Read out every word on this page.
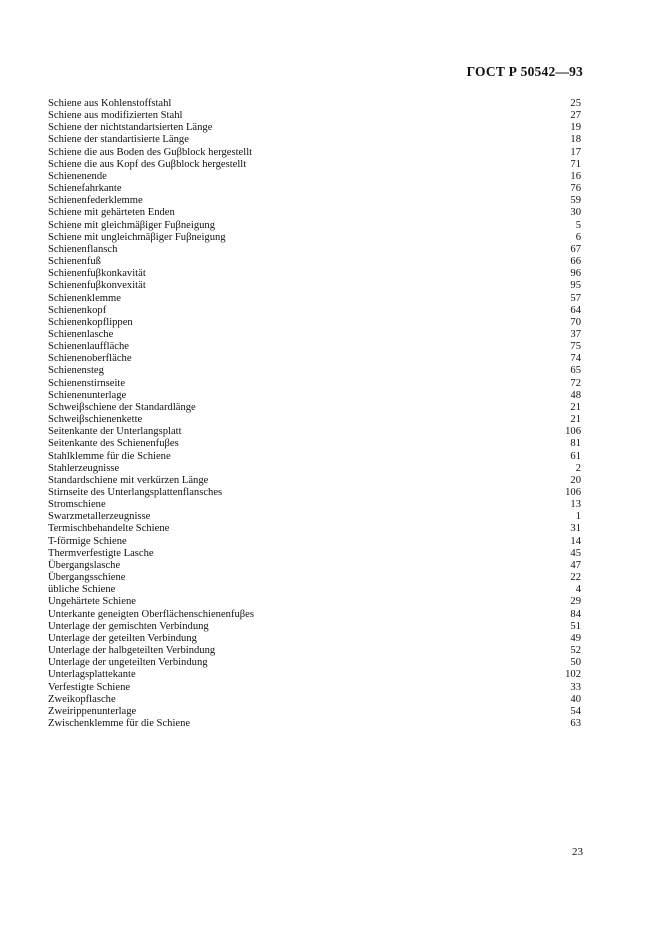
ГОСТ Р 50542—93
Schiene aus Kohlenstoffstahl	25
Schiene aus modifizierten Stahl	27
Schiene der nichtstandartsierten Länge	19
Schiene der standartisierte Länge	18
Schiene die aus Boden des Guβblock hergestellt	17
Schiene die aus Kopf des Guβblock hergestellt	71
Schienenende	16
Schienefahrkante	76
Schienenfederklemme	59
Schiene mit gehärteten Enden	30
Schiene mit gleichmäβiger Fuβneigung	5
Schiene mit ungleichmäβiger Fuβneigung	6
Schienenflansch	67
Schienenfuß	66
Schienenfuβkonkavität	96
Schienenfuβkonvexität	95
Schienenklemme	57
Schienenkopf	64
Schienenkopflippen	70
Schienenlasche	37
Schienenlauffläche	75
Schienenoberfläche	74
Schienensteg	65
Schienenstirnseite	72
Schienenunterlage	48
Schweiβschiene der Standardlänge	21
Schweiβschienenkette	21
Seitenkante der Unterlangsplatt	106
Seitenkante des Schienenfuβes	81
Stahlklemme für die Schiene	61
Stahlerzeugnisse	2
Standardschiene mit verkürzen Länge	20
Stirnseite des Unterlangsplattenflansches	106
Stromschiene	13
Swarzmetallerzeugnisse	1
Termischbehandelte Schiene	31
T-förmige Schiene	14
Thermverfestigte Lasche	45
Übergangslasche	47
Übergangsschiene	22
übliche Schiene	4
Ungehärtete Schiene	29
Unterkante geneigten Oberflächenschienenfuβes	84
Unterlage der gemischten Verbindung	51
Unterlage der geteilten Verbindung	49
Unterlage der halbgeteilten Verbindung	52
Unterlage der ungeteilten Verbindung	50
Unterlagsplattekante	102
Verfestigte Schiene	33
Zweikopflasche	40
Zweirippenunterlage	54
Zwischenklemme für die Schiene	63
23
